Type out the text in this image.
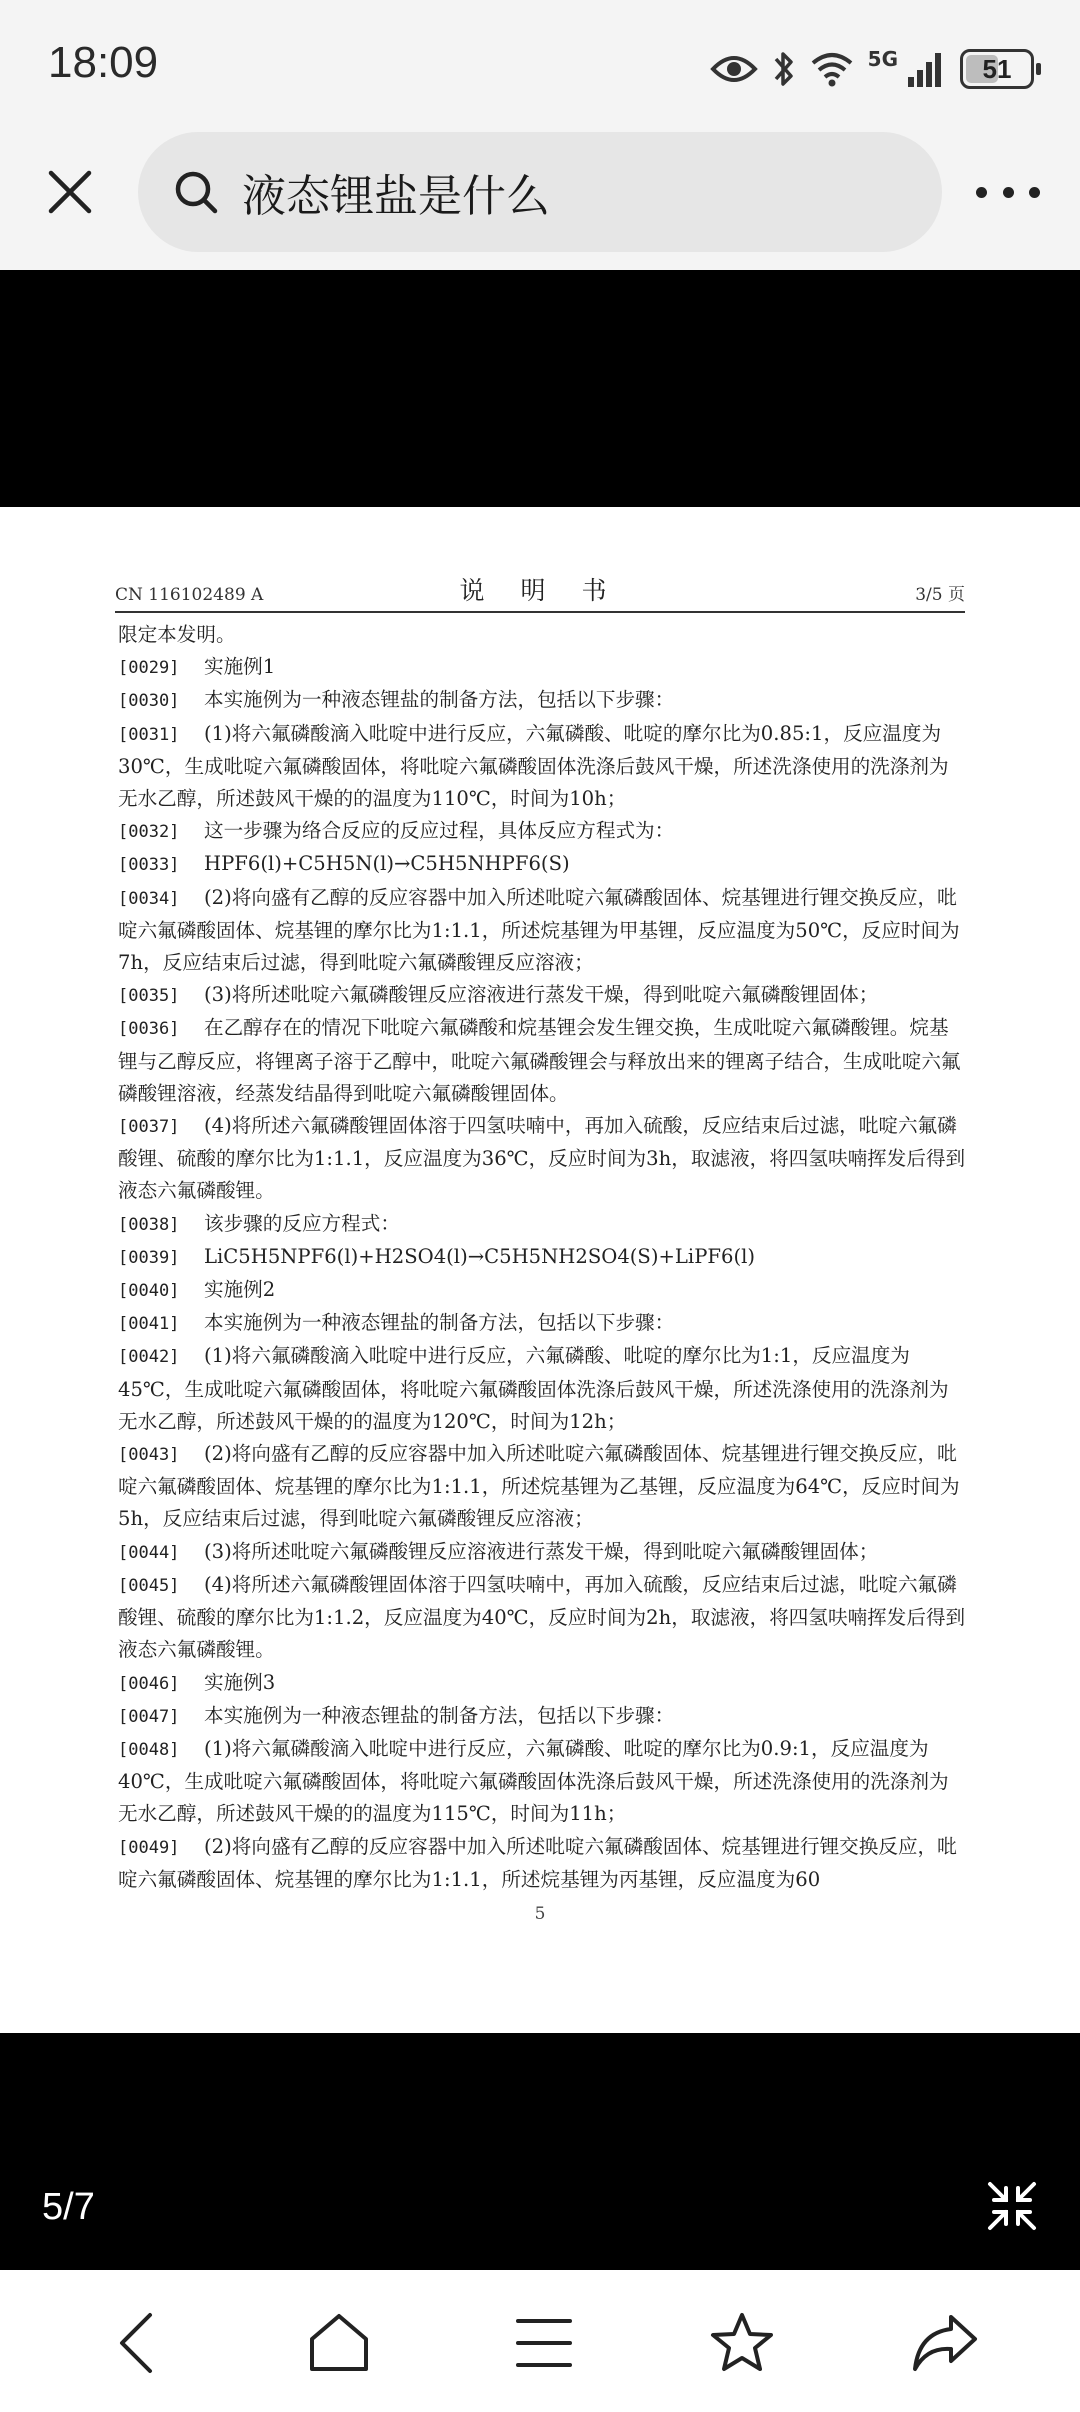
18:09	5G	51
液态锂盐是什么
CN 116102489 A	说 明 书	3/5 页
限定本发明。
[0029] 实施例1
[0030] 本实施例为一种液态锂盐的制备方法，包括以下步骤：
[0031] (1)将六氟磷酸滴入吡啶中进行反应，六氟磷酸、吡啶的摩尔比为0.85:1，反应温度为30℃，生成吡啶六氟磷酸固体，将吡啶六氟磷酸固体洗涤后鼓风干燥，所述洗涤使用的洗涤剂为无水乙醇，所述鼓风干燥的的温度为110℃，时间为10h；
[0032] 这一步骤为络合反应的反应过程，具体反应方程式为：
[0033] HPF6(l)+C5H5N(l)→C5H5NHPF6(S)
[0034] (2)将向盛有乙醇的反应容器中加入所述吡啶六氟磷酸固体、烷基锂进行锂交换反应，吡啶六氟磷酸固体、烷基锂的摩尔比为1:1.1，所述烷基锂为甲基锂，反应温度为50℃，反应时间为7h，反应结束后过滤，得到吡啶六氟磷酸锂反应溶液；
[0035] (3)将所述吡啶六氟磷酸锂反应溶液进行蒸发干燥，得到吡啶六氟磷酸锂固体；
[0036] 在乙醇存在的情况下吡啶六氟磷酸和烷基锂会发生锂交换，生成吡啶六氟磷酸锂。烷基锂与乙醇反应，将锂离子溶于乙醇中，吡啶六氟磷酸锂会与释放出来的锂离子结合，生成吡啶六氟磷酸锂溶液，经蒸发结晶得到吡啶六氟磷酸锂固体。
[0037] (4)将所述六氟磷酸锂固体溶于四氢呋喃中，再加入硫酸，反应结束后过滤，吡啶六氟磷酸锂、硫酸的摩尔比为1:1.1，反应温度为36℃，反应时间为3h，取滤液，将四氢呋喃挥发后得到液态六氟磷酸锂。
[0038] 该步骤的反应方程式：
[0039] LiC5H5NPF6(l)+H2SO4(l)→C5H5NH2SO4(S)+LiPF6(l)
[0040] 实施例2
[0041] 本实施例为一种液态锂盐的制备方法，包括以下步骤：
[0042] (1)将六氟磷酸滴入吡啶中进行反应，六氟磷酸、吡啶的摩尔比为1:1，反应温度为45℃，生成吡啶六氟磷酸固体，将吡啶六氟磷酸固体洗涤后鼓风干燥，所述洗涤使用的洗涤剂为无水乙醇，所述鼓风干燥的的温度为120℃，时间为12h；
[0043] (2)将向盛有乙醇的反应容器中加入所述吡啶六氟磷酸固体、烷基锂进行锂交换反应，吡啶六氟磷酸固体、烷基锂的摩尔比为1:1.1，所述烷基锂为乙基锂，反应温度为64℃，反应时间为5h，反应结束后过滤，得到吡啶六氟磷酸锂反应溶液；
[0044] (3)将所述吡啶六氟磷酸锂反应溶液进行蒸发干燥，得到吡啶六氟磷酸锂固体；
[0045] (4)将所述六氟磷酸锂固体溶于四氢呋喃中，再加入硫酸，反应结束后过滤，吡啶六氟磷酸锂、硫酸的摩尔比为1:1.2，反应温度为40℃，反应时间为2h，取滤液，将四氢呋喃挥发后得到液态六氟磷酸锂。
[0046] 实施例3
[0047] 本实施例为一种液态锂盐的制备方法，包括以下步骤：
[0048] (1)将六氟磷酸滴入吡啶中进行反应，六氟磷酸、吡啶的摩尔比为0.9:1，反应温度为40℃，生成吡啶六氟磷酸固体，将吡啶六氟磷酸固体洗涤后鼓风干燥，所述洗涤使用的洗涤剂为无水乙醇，所述鼓风干燥的的温度为115℃，时间为11h；
[0049] (2)将向盛有乙醇的反应容器中加入所述吡啶六氟磷酸固体、烷基锂进行锂交换反应，吡啶六氟磷酸固体、烷基锂的摩尔比为1:1.1，所述烷基锂为丙基锂，反应温度为60
5
5/7
